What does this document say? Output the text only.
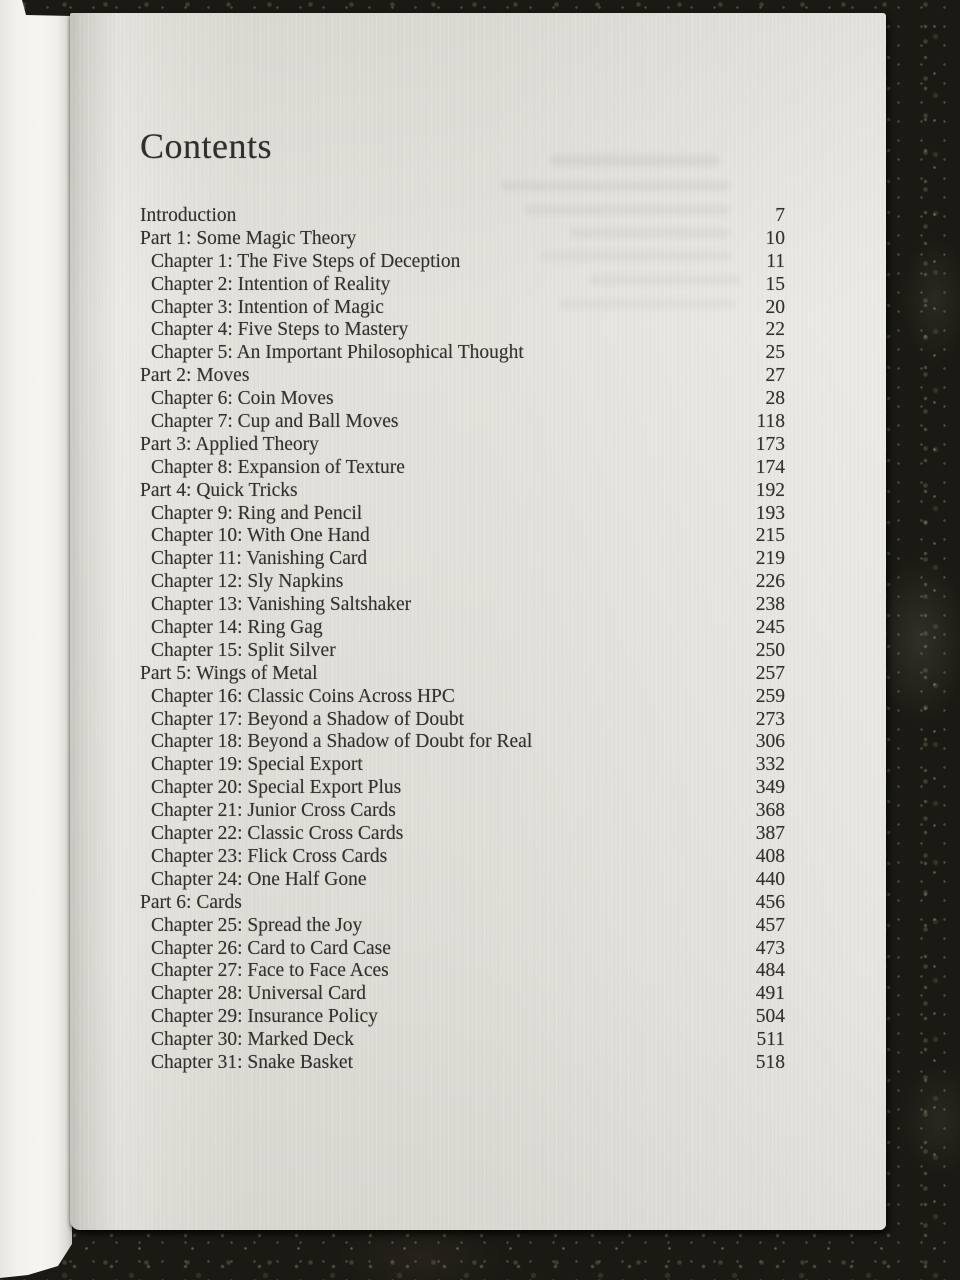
Contents
Introduction	7
Part 1: Some Magic Theory	10
Chapter 1: The Five Steps of Deception	11
Chapter 2: Intention of Reality	15
Chapter 3: Intention of Magic	20
Chapter 4: Five Steps to Mastery	22
Chapter 5: An Important Philosophical Thought	25
Part 2: Moves	27
Chapter 6: Coin Moves	28
Chapter 7: Cup and Ball Moves	118
Part 3: Applied Theory	173
Chapter 8: Expansion of Texture	174
Part 4: Quick Tricks	192
Chapter 9: Ring and Pencil	193
Chapter 10: With One Hand	215
Chapter 11: Vanishing Card	219
Chapter 12: Sly Napkins	226
Chapter 13: Vanishing Saltshaker	238
Chapter 14: Ring Gag	245
Chapter 15: Split Silver	250
Part 5: Wings of Metal	257
Chapter 16: Classic Coins Across HPC	259
Chapter 17: Beyond a Shadow of Doubt	273
Chapter 18: Beyond a Shadow of Doubt for Real	306
Chapter 19: Special Export	332
Chapter 20: Special Export Plus	349
Chapter 21: Junior Cross Cards	368
Chapter 22: Classic Cross Cards	387
Chapter 23: Flick Cross Cards	408
Chapter 24: One Half Gone	440
Part 6: Cards	456
Chapter 25: Spread the Joy	457
Chapter 26: Card to Card Case	473
Chapter 27: Face to Face Aces	484
Chapter 28: Universal Card	491
Chapter 29: Insurance Policy	504
Chapter 30: Marked Deck	511
Chapter 31: Snake Basket	518
